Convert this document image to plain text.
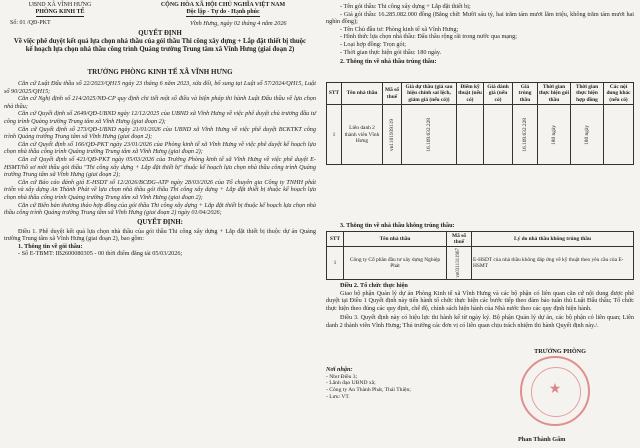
UBND XÃ VĨNH HƯNG
PHÒNG KINH TẾ
CỘNG HÒA XÃ HỘI CHỦ NGHĨA VIỆT NAM
Độc lập - Tự do - Hạnh phúc
Số: 01 /QĐ-PKT	Vĩnh Hưng, ngày 02 tháng 4 năm 2026
QUYẾT ĐỊNH
Về việc phê duyệt kết quả lựa chọn nhà thầu của gói thầu Thi công xây dựng + Lắp đặt thiết bị thuộc kế hoạch lựa chọn nhà thầu công trình Quảng trường Trung tâm xã Vĩnh Hưng (giai đoạn 2)
TRƯỞNG PHÒNG KINH TẾ XÃ VĨNH HƯNG

Căn cứ Luật Đấu thầu số 22/2023/QH15 ngày 23 tháng 6 năm 2023, sửa đổi, bổ sung tại Luật số 57/2024/QH15, Luật số 90/2025/QH15;

Căn cứ Nghị định số 214/2025/NĐ-CP quy định chi tiết một số điều và biện pháp thi hành Luật Đấu thầu về lựa chọn nhà thầu;

Căn cứ Quyết định số 2649/QĐ-UBND ngày 12/12/2025 của UBND xã Vĩnh Hưng về việc phê duyệt chủ trương đầu tư công trình Quảng trường Trung tâm xã Vĩnh Hưng (giai đoạn 2);

Căn cứ Quyết định số 273/QĐ-UBND ngày 21/01/2026 của UBND xã Vĩnh Hưng về việc phê duyệt BCKTKT công trình Quảng trường Trung tâm xã Vĩnh Hưng (giai đoạn 2);

Căn cứ Quyết định số 166/QĐ-PKT ngày 23/01/2026 của Phòng kinh tế xã Vĩnh Hưng về việc phê duyệt kế hoạch lựa chọn nhà thầu công trình Quảng trường Trung tâm xã Vĩnh Hưng (giai đoạn 2);

Căn cứ Quyết định số 421/QĐ-PKT ngày 05/03/2026 của Trưởng Phòng kinh tế xã Vĩnh Hưng về việc phê duyệt E-HSMT/hồ sơ mời thầu gói thầu "Thi công xây dựng + Lắp đặt thiết bị" thuộc kế hoạch lựa chọn nhà thầu công trình Quảng trường Trung tâm xã Vĩnh Hưng (giai đoạn 2);

Căn cứ Báo cáo đánh giá E-HSDT số 12/2026/BCĐG-ATP ngày 28/03/2026 của Tổ chuyên gia Công ty TNHH phát triển và xây dựng An Thành Phát về lựa chọn nhà thầu gói thầu Thi công xây dựng + Lắp đặt thiết bị thuộc kế hoạch lựa chọn nhà thầu công trình Quảng trường Trung tâm xã Vĩnh Hưng (giai đoạn 2);

Căn cứ Biên bản thương thảo hợp đồng của gói thầu Thi công xây dựng + Lắp đặt thiết bị thuộc kế hoạch lựa chọn nhà thầu công trình Quảng trường Trung tâm xã Vĩnh Hưng (giai đoạn 2) ngày 01/04/2026;

QUYẾT ĐỊNH:

Điều 1. Phê duyệt kết quả lựa chọn nhà thầu của gói thầu Thi công xây dựng + Lắp đặt thiết bị thuộc dự án Quảng trường Trung tâm xã Vĩnh Hưng (giai đoạn 2), bao gồm:

1. Thông tin về gói thầu:

- Số E-TBMT: IB2600080305 - 00 thời điểm đăng tải 05/03/2026;

- Tên gói thầu: Thi công xây dựng + Lắp đặt thiết bị;

- Giá gói thầu: 16.285.082.000 đồng (Bằng chữ: Mười sáu tỷ, hai trăm tám mươi lăm triệu, không trăm tám mươi hai nghìn đồng);

- Tên Chủ đầu tư: Phòng kinh tế xã Vĩnh Hưng;

- Hình thức lựa chọn nhà thầu: Đấu thầu rộng rãi trong nước qua mạng;

- Loại hợp đồng: Trọn gói;

- Thời gian thực hiện gói thầu: 180 ngày.

2. Thông tin về nhà thầu trúng thầu:

STT	Tên nhà thầu	Mã số thuế	Giá dự thầu (giá sau hiệu chỉnh sai lệch, giảm giá (nếu có))	Điểm kỹ thuật (nếu có)	Giá đánh giá (nếu có)	Giá trúng thầu	Thời gian thực hiện gói thầu	Thời gian thực hiện hợp đồng	Các nội dung khác (nếu có)
1	Liên danh 2 thành viên Vĩnh Hưng	vn1101939119	16.109.632.228			16.109.632.228	180 ngày	180 ngày	

3. Thông tin về nhà thầu không trúng thầu:

STT	Tên nhà thầu	Mã số thuế	Lý do nhà thầu không trúng thầu
1	Công ty Cổ phần đầu tư xây dựng Nghiệp Phát	vn0311311967	E-HSDT của nhà thầu không đáp ứng về kỹ thuật theo yêu cầu của E-HSMT

Điều 2. Tổ chức thực hiện

Giao bộ phận Quản lý dự án Phòng Kinh tế xã Vĩnh Hưng và các bộ phận có liên quan căn cứ nội dung được phê duyệt tại Điều 1 Quyết định này tiến hành tổ chức thực hiện các bước tiếp theo đảm bảo tuân thủ Luật Đấu thầu; Tổ chức thực hiện theo đúng các quy định, chế độ, chính sách hiện hành của Nhà nước theo các quy định hiện hành.

Điều 3. Quyết định này có hiệu lực thi hành kể từ ngày ký. Bộ phận Quản lý dự án, các bộ phận có liên quan; Liên danh 2 thành viên Vĩnh Hưng; Thủ trưởng các đơn vị có liên quan chịu trách nhiệm thi hành Quyết định này./.

Nơi nhận:

- Như Điều 3;

- Lãnh đạo UBND xã;

- Công ty An Thành Phát, Thái Thiện;

- Lưu: VT.	★
TRƯỞNG PHÒNG
Phan Thành Gấm
